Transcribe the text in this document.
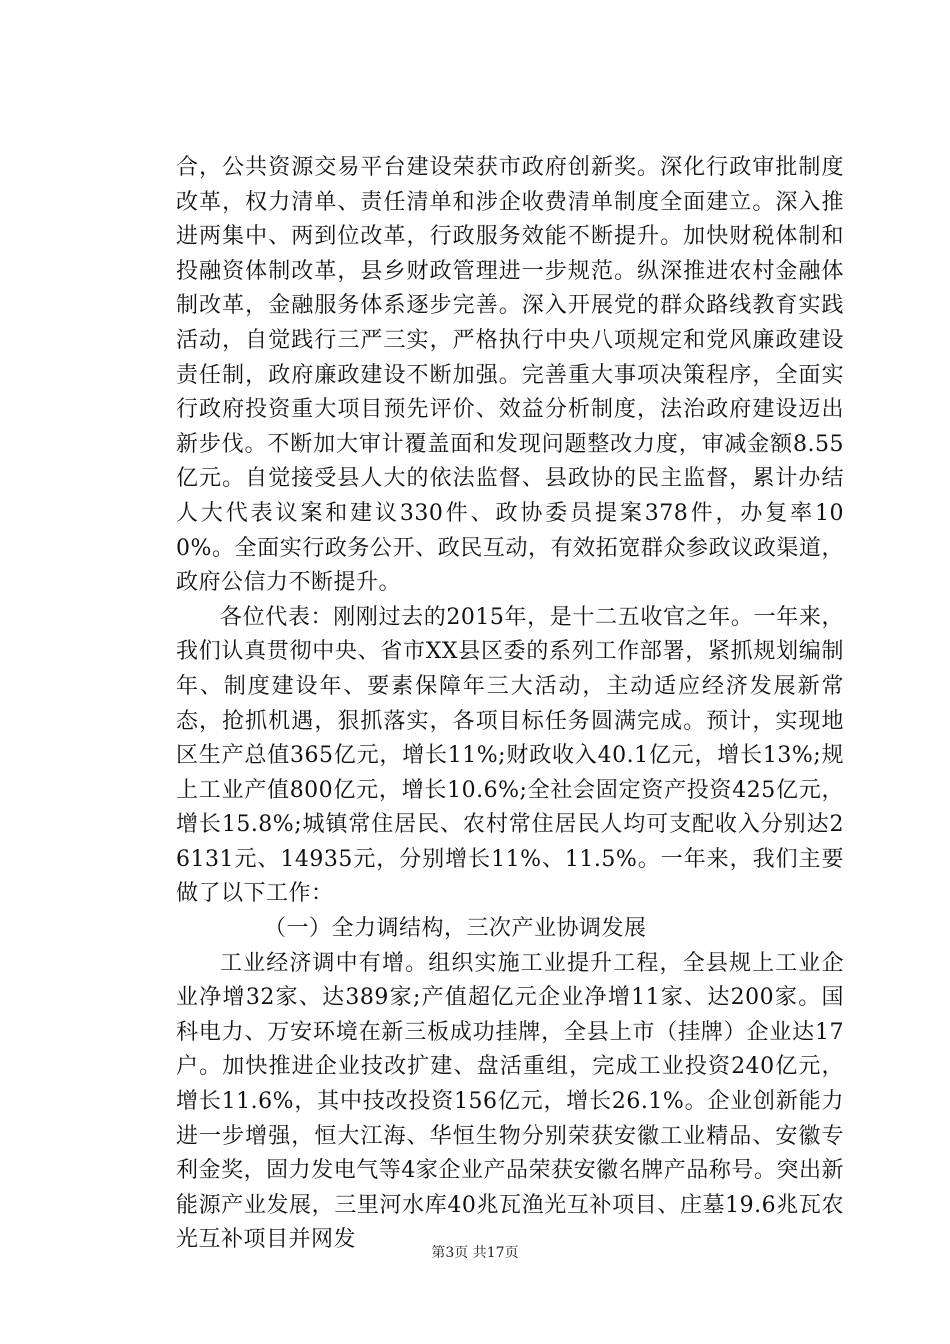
合，公共资源交易平台建设荣获市政府创新奖。深化行政审批制度改革，权力清单、责任清单和涉企收费清单制度全面建立。深入推进两集中、两到位改革，行政服务效能不断提升。加快财税体制和投融资体制改革，县乡财政管理进一步规范。纵深推进农村金融体制改革，金融服务体系逐步完善。深入开展党的群众路线教育实践活动，自觉践行三严三实，严格执行中央八项规定和党风廉政建设责任制，政府廉政建设不断加强。完善重大事项决策程序，全面实行政府投资重大项目预先评价、效益分析制度，法治政府建设迈出新步伐。不断加大审计覆盖面和发现问题整改力度，审减金额8.55亿元。自觉接受县人大的依法监督、县政协的民主监督，累计办结人大代表议案和建议330件、政协委员提案378件，办复率100%。全面实行政务公开、政民互动，有效拓宽群众参政议政渠道，政府公信力不断提升。

各位代表：刚刚过去的2015年，是十二五收官之年。一年来，我们认真贯彻中央、省市XX县区委的系列工作部署，紧抓规划编制年、制度建设年、要素保障年三大活动，主动适应经济发展新常态，抢抓机遇，狠抓落实，各项目标任务圆满完成。预计，实现地区生产总值365亿元，增长11%;财政收入40.1亿元，增长13%;规上工业产值800亿元，增长10.6%;全社会固定资产投资425亿元，增长15.8%;城镇常住居民、农村常住居民人均可支配收入分别达26131元、14935元，分别增长11%、11.5%。一年来，我们主要做了以下工作：

（一）全力调结构，三次产业协调发展

工业经济调中有增。组织实施工业提升工程，全县规上工业企业净增32家、达389家;产值超亿元企业净增11家、达200家。国科电力、万安环境在新三板成功挂牌，全县上市（挂牌）企业达17户。加快推进企业技改扩建、盘活重组，完成工业投资240亿元，增长11.6%，其中技改投资156亿元，增长26.1%。企业创新能力进一步增强，恒大江海、华恒生物分别荣获安徽工业精品、安徽专利金奖，固力发电气等4家企业产品荣获安徽名牌产品称号。突出新能源产业发展，三里河水库40兆瓦渔光互补项目、庄墓19.6兆瓦农光互补项目并网发

第3页 共17页
